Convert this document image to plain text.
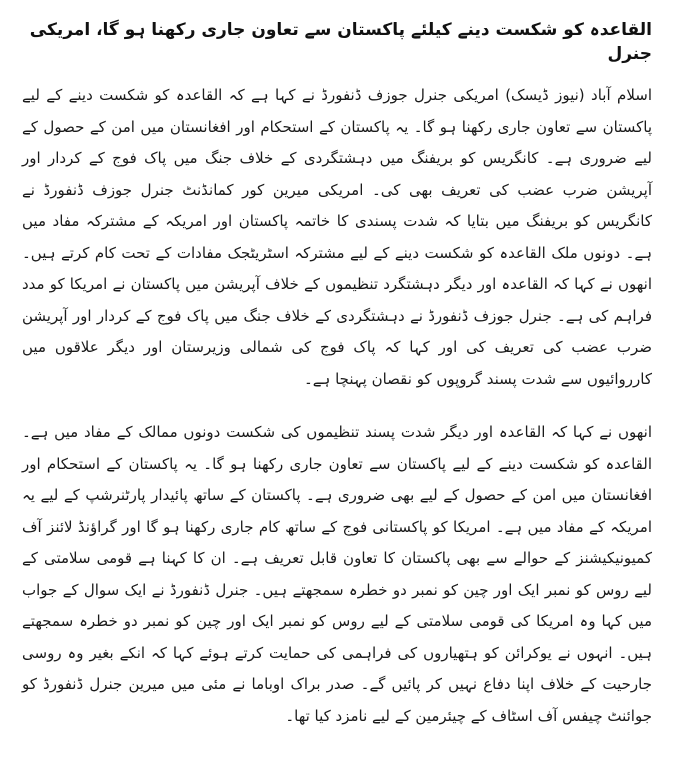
القاعدہ کو شکست دینے کیلئے پاکستان سے تعاون جاری رکھنا ہو گا، امریکی جنرل

اسلام آباد (نیوز ڈیسک) امریکی جنرل جوزف ڈنفورڈ نے کہا ہے کہ القاعدہ کو شکست دینے کے لیے پاکستان سے تعاون جاری رکھنا ہو گا۔ یہ پاکستان کے استحکام اور افغانستان میں امن کے حصول کے لیے ضروری ہے۔ کانگریس کو بریفنگ میں دہشتگردی کے خلاف جنگ میں پاک فوج کے کردار اور آپریشن ضرب عضب کی تعریف بھی کی۔ امریکی میرین کور کمانڈنٹ جنرل جوزف ڈنفورڈ نے کانگریس کو بریفنگ میں بتایا کہ شدت پسندی کا خاتمہ پاکستان اور امریکہ کے مشترکہ مفاد میں ہے۔ دونوں ملک القاعدہ کو شکست دینے کے لیے مشترکہ اسٹریٹجک مفادات کے تحت کام کرتے ہیں۔ انھوں نے کہا کہ القاعدہ اور دیگر دہشتگرد تنظیموں کے خلاف آپریشن میں پاکستان نے امریکا کو مدد فراہم کی ہے۔ جنرل جوزف ڈنفورڈ نے دہشتگردی کے خلاف جنگ میں پاک فوج کے کردار اور آپریشن ضرب عضب کی تعریف کی اور کہا کہ پاک فوج کی شمالی وزیرستان اور دیگر علاقوں میں کارروائیوں سے شدت پسند گروپوں کو نقصان پہنچا ہے۔

انھوں نے کہا کہ القاعدہ اور دیگر شدت پسند تنظیموں کی شکست دونوں ممالک کے مفاد میں ہے۔ القاعدہ کو شکست دینے کے لیے پاکستان سے تعاون جاری رکھنا ہو گا۔ یہ پاکستان کے استحکام اور افغانستان میں امن کے حصول کے لیے بھی ضروری ہے۔ پاکستان کے ساتھ پائیدار پارٹنرشپ کے لیے یہ امریکہ کے مفاد میں ہے۔ امریکا کو پاکستانی فوج کے ساتھ کام جاری رکھنا ہو گا اور گراؤنڈ لائنز آف کمیونیکیشنز کے حوالے سے بھی پاکستان کا تعاون قابل تعریف ہے۔ ان کا کہنا ہے قومی سلامتی کے لیے روس کو نمبر ایک اور چین کو نمبر دو خطرہ سمجھتے ہیں۔ جنرل ڈنفورڈ نے ایک سوال کے جواب میں کہا وہ امریکا کی قومی سلامتی کے لیے روس کو نمبر ایک اور چین کو نمبر دو خطرہ سمجھتے ہیں۔ انہوں نے یوکرائن کو ہتھیاروں کی فراہمی کی حمایت کرتے ہوئے کہا کہ انکے بغیر وہ روسی جارحیت کے خلاف اپنا دفاع نہیں کر پائیں گے۔ صدر براک اوباما نے مئی میں میرین جنرل ڈنفورڈ کو جوائنٹ چیفس آف اسٹاف کے چیئرمین کے لیے نامزد کیا تھا۔
